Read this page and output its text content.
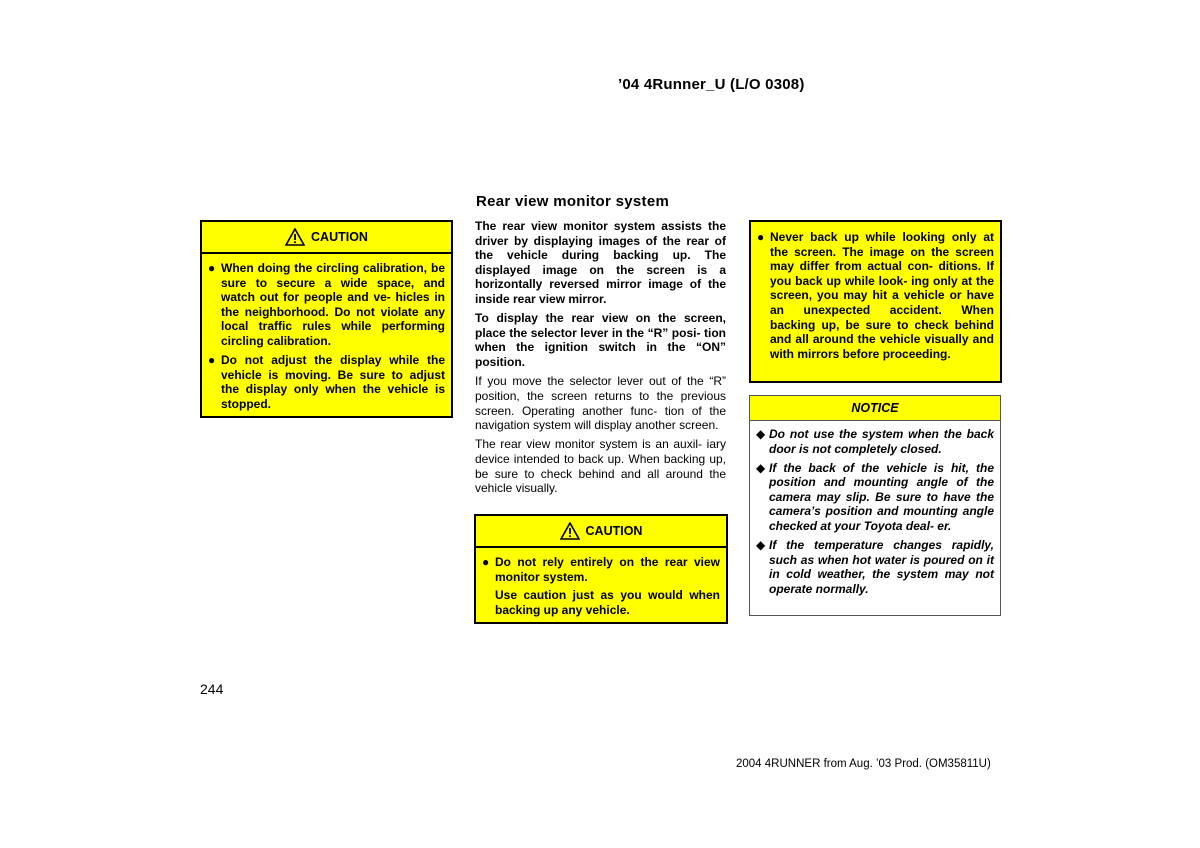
’04 4Runner_U (L/O 0308)
Rear view monitor system
CAUTION
● When doing the circling calibration, be sure to secure a wide space, and watch out for people and ve- hicles in the neighborhood. Do not violate any local traffic rules while performing circling calibration.
● Do not adjust the display while the vehicle is moving. Be sure to adjust the display only when the vehicle is stopped.

The rear view monitor system assists the driver by displaying images of the rear of the vehicle during backing up. The displayed image on the screen is a horizontally reversed mirror image of the inside rear view mirror.

To display the rear view on the screen, place the selector lever in the “R” posi- tion when the ignition switch in the “ON” position.

If you move the selector lever out of the “R” position, the screen returns to the previous screen. Operating another func- tion of the navigation system will display another screen.

The rear view monitor system is an auxil- iary device intended to back up. When backing up, be sure to check behind and all around the vehicle visually.

CAUTION
● Do not rely entirely on the rear view monitor system.
Use caution just as you would when backing up any vehicle.
● Never back up while looking only at the screen. The image on the screen may differ from actual con- ditions. If you back up while look- ing only at the screen, you may hit a vehicle or have an unexpected accident. When backing up, be sure to check behind and all around the vehicle visually and with mirrors before proceeding.
NOTICE
◆ Do not use the system when the back door is not completely closed.
◆ If the back of the vehicle is hit, the position and mounting angle of the camera may slip. Be sure to have the camera’s position and mounting angle checked at your Toyota deal- er.
◆ If the temperature changes rapidly, such as when hot water is poured on it in cold weather, the system may not operate normally.
244
2004 4RUNNER from Aug. ’03 Prod. (OM35811U)
